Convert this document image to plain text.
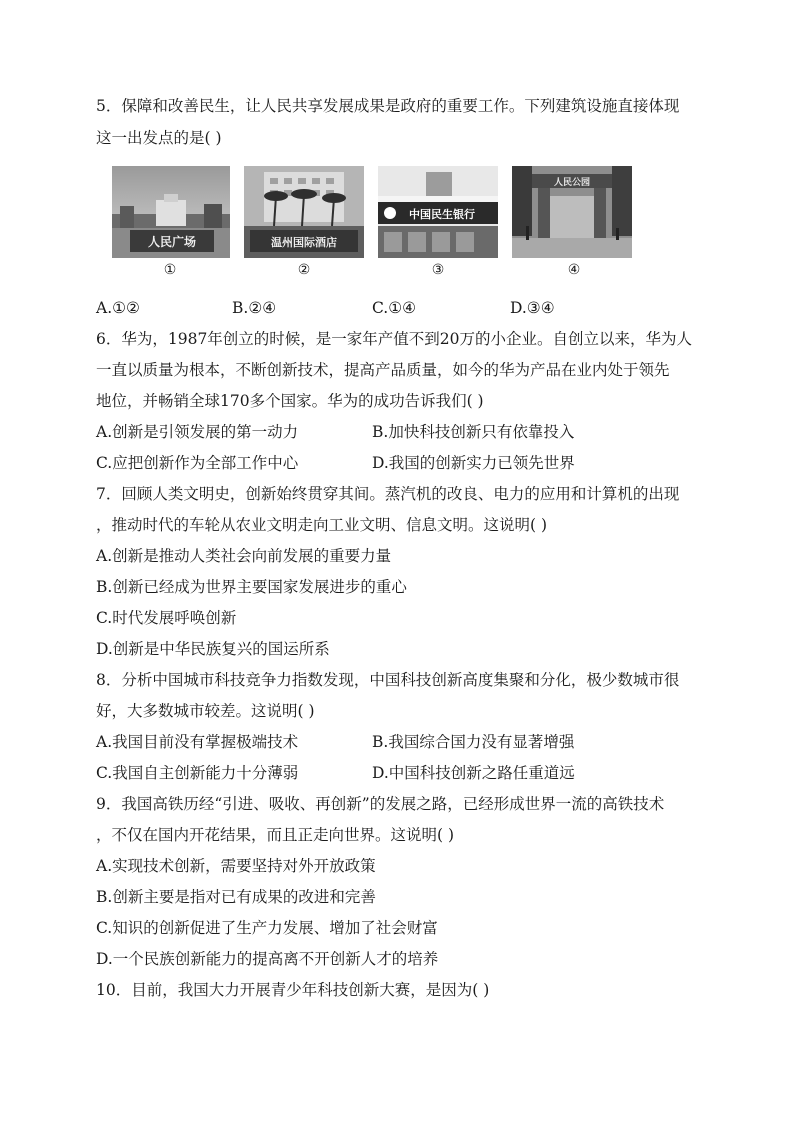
5．保障和改善民生，让人民共享发展成果是政府的重要工作。下列建筑设施直接体现
这一出发点的是( )
人民广场
①
温州国际酒店
②
中国民生银行
③
人民公园
④
A.①②	B.②④	C.①④	D.③④
6．华为，1987年创立的时候，是一家年产值不到20万的小企业。自创立以来，华为人
一直以质量为根本，不断创新技术，提高产品质量，如今的华为产品在业内处于领先
地位，并畅销全球170多个国家。华为的成功告诉我们( )
A.创新是引领发展的第一动力	B.加快科技创新只有依靠投入
C.应把创新作为全部工作中心	D.我国的创新实力已领先世界
7．回顾人类文明史，创新始终贯穿其间。蒸汽机的改良、电力的应用和计算机的出现
，推动时代的车轮从农业文明走向工业文明、信息文明。这说明( )
A.创新是推动人类社会向前发展的重要力量
B.创新已经成为世界主要国家发展进步的重心
C.时代发展呼唤创新
D.创新是中华民族复兴的国运所系
8．分析中国城市科技竞争力指数发现，中国科技创新高度集聚和分化，极少数城市很
好，大多数城市较差。这说明( )
A.我国目前没有掌握极端技术	B.我国综合国力没有显著增强
C.我国自主创新能力十分薄弱	D.中国科技创新之路任重道远
9．我国高铁历经“引进、吸收、再创新”的发展之路，已经形成世界一流的高铁技术
，不仅在国内开花结果，而且正走向世界。这说明( )
A.实现技术创新，需要坚持对外开放政策
B.创新主要是指对已有成果的改进和完善
C.知识的创新促进了生产力发展、增加了社会财富
D.一个民族创新能力的提高离不开创新人才的培养
10．目前，我国大力开展青少年科技创新大赛，是因为( )
